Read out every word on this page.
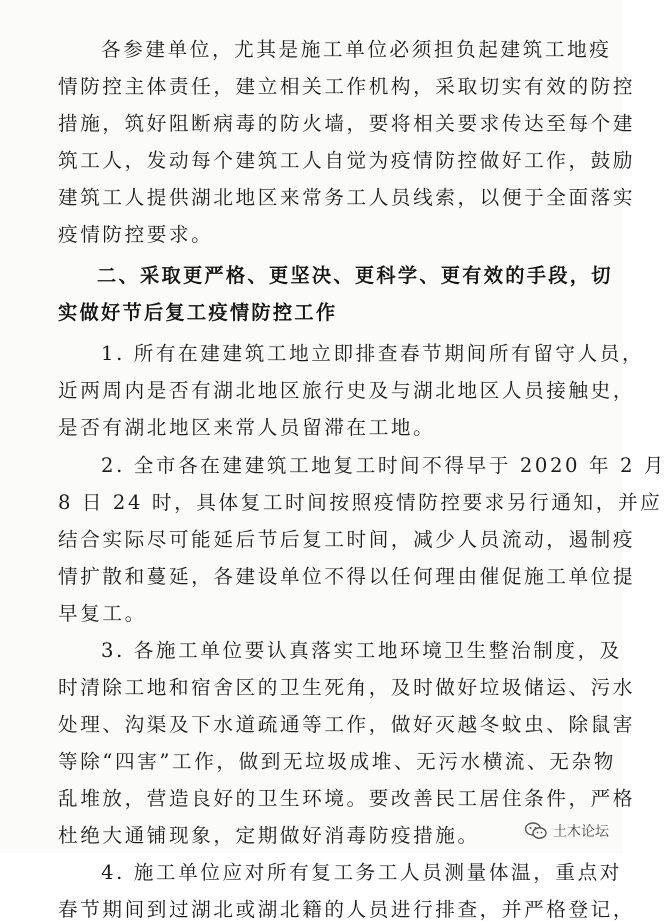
各参建单位，尤其是施工单位必须担负起建筑工地疫
情防控主体责任，建立相关工作机构，采取切实有效的防控
措施，筑好阻断病毒的防火墙，要将相关要求传达至每个建
筑工人，发动每个建筑工人自觉为疫情防控做好工作，鼓励
建筑工人提供湖北地区来常务工人员线索，以便于全面落实
疫情防控要求。
二、采取更严格、更坚决、更科学、更有效的手段，切
实做好节后复工疫情防控工作
1. 所有在建建筑工地立即排查春节期间所有留守人员，
近两周内是否有湖北地区旅行史及与湖北地区人员接触史，
是否有湖北地区来常人员留滞在工地。
2. 全市各在建建筑工地复工时间不得早于 2020 年 2 月
8 日 24 时，具体复工时间按照疫情防控要求另行通知，并应
结合实际尽可能延后节后复工时间，减少人员流动，遏制疫
情扩散和蔓延，各建设单位不得以任何理由催促施工单位提
早复工。
3. 各施工单位要认真落实工地环境卫生整治制度，及
时清除工地和宿舍区的卫生死角，及时做好垃圾储运、污水
处理、沟渠及下水道疏通等工作，做好灭越冬蚊虫、除鼠害
等除“四害”工作，做到无垃圾成堆、无污水横流、无杂物
乱堆放，营造良好的卫生环境。要改善民工居住条件，严格
杜绝大通铺现象，定期做好消毒防疫措施。
4. 施工单位应对所有复工务工人员测量体温，重点对
春节期间到过湖北或湖北籍的人员进行排查，并严格登记，
土木论坛
